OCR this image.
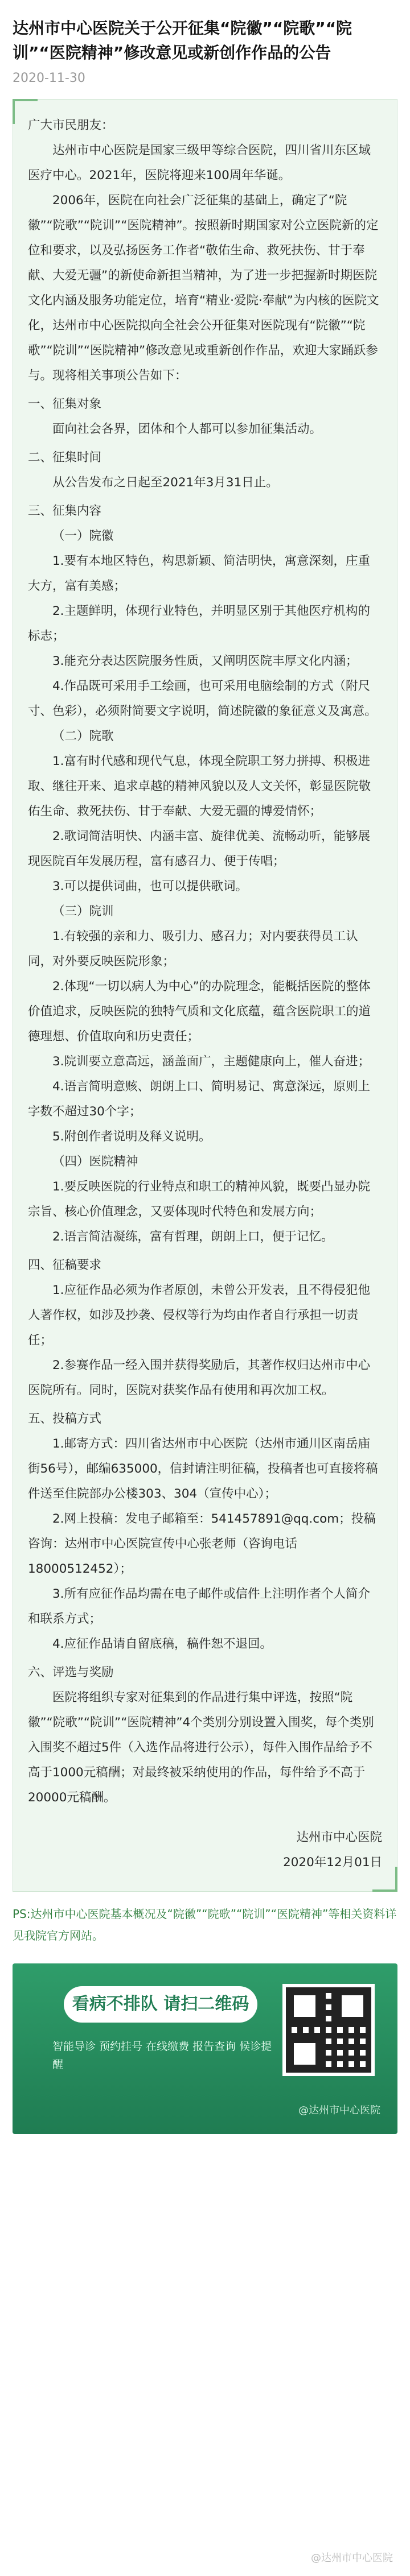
达州市中心医院关于公开征集“院徽”“院歌”“院训”“医院精神”修改意见或新创作作品的公告
2020-11-30

广大市民朋友：

达州市中心医院是国家三级甲等综合医院，四川省川东区域医疗中心。2021年，医院将迎来100周年华诞。

2006年，医院在向社会广泛征集的基础上，确定了“院徽”“院歌”“院训”“医院精神”。按照新时期国家对公立医院新的定位和要求，以及弘扬医务工作者“敬佑生命、救死扶伤、甘于奉献、大爱无疆”的新使命新担当精神，为了进一步把握新时期医院文化内涵及服务功能定位，培育“精业·爱院·奉献”为内核的医院文化，达州市中心医院拟向全社会公开征集对医院现有“院徽”“院歌”“院训”“医院精神”修改意见或重新创作作品，欢迎大家踊跃参与。现将相关事项公告如下：

一、征集对象

面向社会各界，团体和个人都可以参加征集活动。

二、征集时间

从公告发布之日起至2021年3月31日止。

三、征集内容

（一）院徽

1.要有本地区特色，构思新颖、简洁明快，寓意深刻，庄重大方，富有美感；

2.主题鲜明，体现行业特色，并明显区别于其他医疗机构的标志；

3.能充分表达医院服务性质，又阐明医院丰厚文化内涵；

4.作品既可采用手工绘画，也可采用电脑绘制的方式（附尺寸、色彩），必须附简要文字说明，简述院徽的象征意义及寓意。

（二）院歌

1.富有时代感和现代气息，体现全院职工努力拼搏、积极进取、继往开来、追求卓越的精神风貌以及人文关怀，彰显医院敬佑生命、救死扶伤、甘于奉献、大爱无疆的博爱情怀；

2.歌词简洁明快、内涵丰富、旋律优美、流畅动听，能够展现医院百年发展历程，富有感召力、便于传唱；

3.可以提供词曲，也可以提供歌词。

（三）院训

1.有较强的亲和力、吸引力、感召力；对内要获得员工认同，对外要反映医院形象；

2.体现“一切以病人为中心”的办院理念，能概括医院的整体价值追求，反映医院的独特气质和文化底蕴，蕴含医院职工的道德理想、价值取向和历史责任；

3.院训要立意高远，涵盖面广，主题健康向上，催人奋进；

4.语言简明意赅、朗朗上口、简明易记、寓意深远，原则上字数不超过30个字；

5.附创作者说明及释义说明。

（四）医院精神

1.要反映医院的行业特点和职工的精神风貌，既要凸显办院宗旨、核心价值理念，又要体现时代特色和发展方向；

2.语言简洁凝练，富有哲理，朗朗上口，便于记忆。

四、征稿要求

1.应征作品必须为作者原创，未曾公开发表，且不得侵犯他人著作权，如涉及抄袭、侵权等行为均由作者自行承担一切责任；

2.参赛作品一经入围并获得奖励后，其著作权归达州市中心医院所有。同时，医院对获奖作品有使用和再次加工权。

五、投稿方式

1.邮寄方式：四川省达州市中心医院（达州市通川区南岳庙街56号），邮编635000，信封请注明征稿，投稿者也可直接将稿件送至住院部办公楼303、304（宣传中心）；

2.网上投稿：发电子邮箱至：541457891@qq.com；投稿咨询：达州市中心医院宣传中心张老师（咨询电话18000512452）；

3.所有应征作品均需在电子邮件或信件上注明作者个人简介和联系方式；

4.应征作品请自留底稿，稿件恕不退回。

六、评选与奖励

医院将组织专家对征集到的作品进行集中评选，按照“院徽”“院歌”“院训”“医院精神”4个类别分别设置入围奖，每个类别入围奖不超过5件（入选作品将进行公示），每件入围作品给予不高于1000元稿酬；对最终被采纳使用的作品，每件给予不高于20000元稿酬。

达州市中心医院

2020年12月01日

PS:达州市中心医院基本概况及“院徽”“院歌”“院训”“医院精神”等相关资料详见我院官方网站。

看病不排队 请扫二维码
智能导诊 预约挂号 在线缴费 报告查询 候诊提醒
@达州市中心医院
@达州市中心医院
